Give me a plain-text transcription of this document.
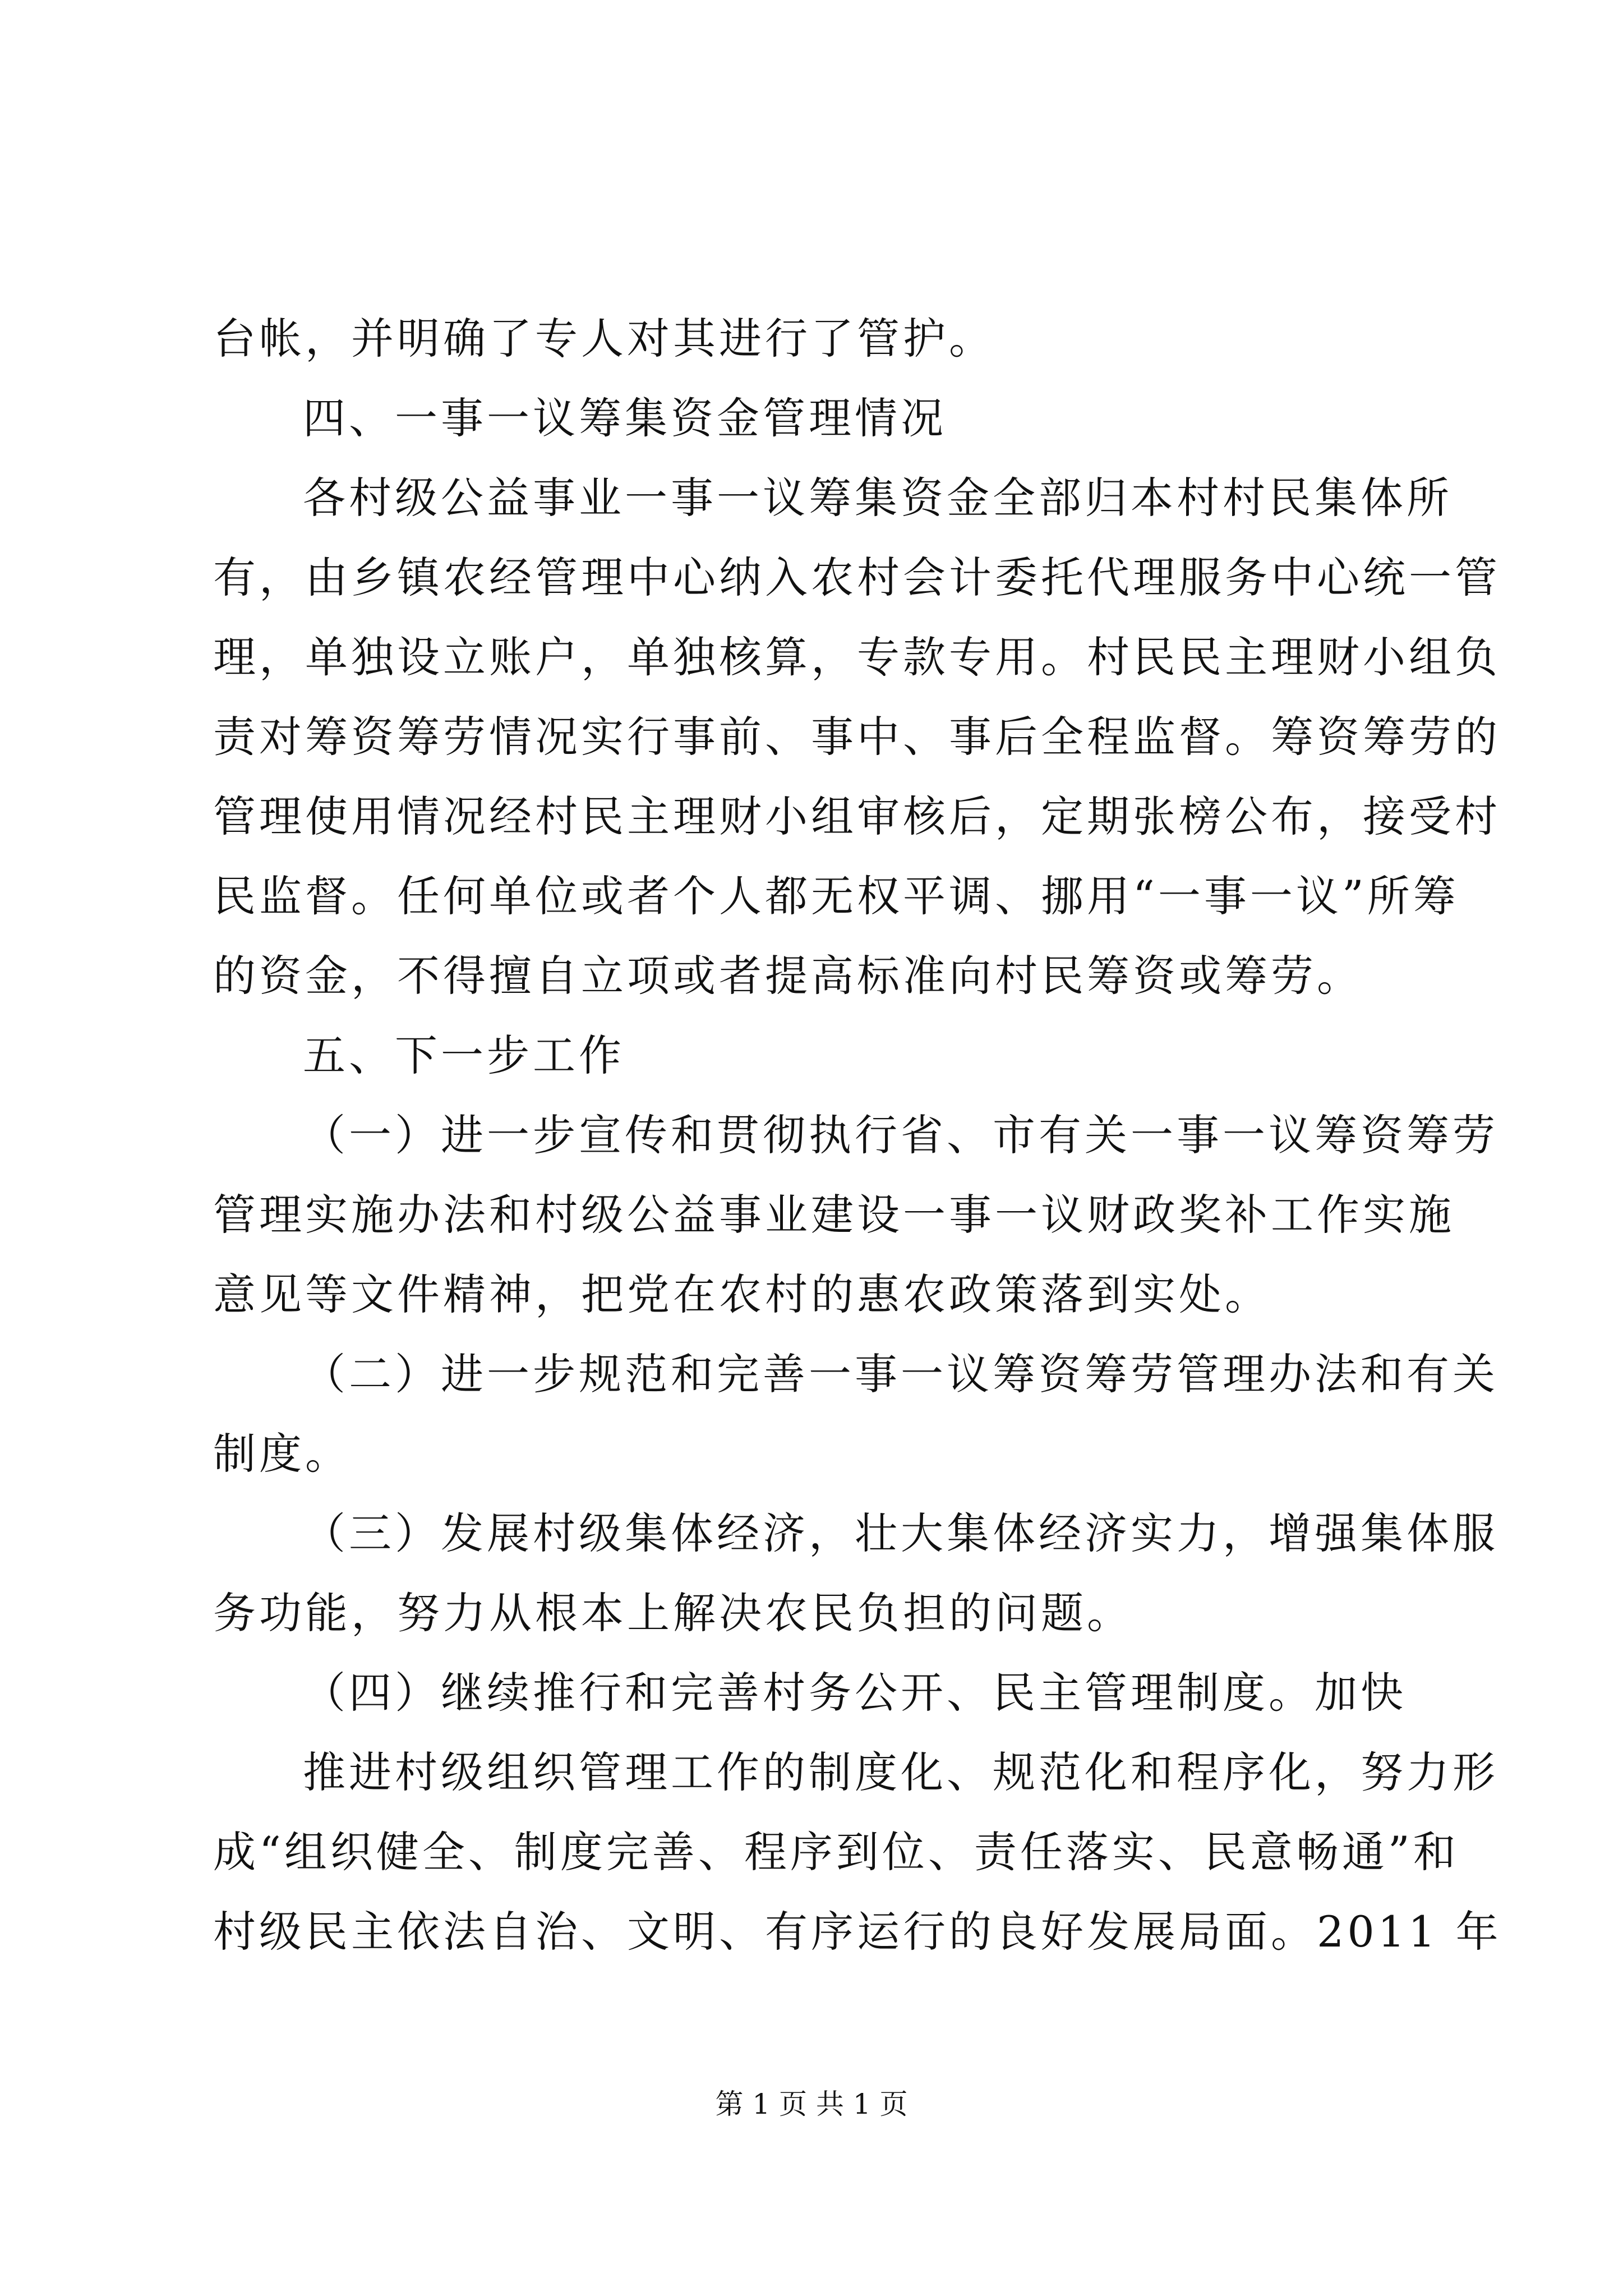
台帐，并明确了专人对其进行了管护。
四、一事一议筹集资金管理情况
各村级公益事业一事一议筹集资金全部归本村村民集体所
有，由乡镇农经管理中心纳入农村会计委托代理服务中心统一管
理，单独设立账户，单独核算，专款专用。村民民主理财小组负
责对筹资筹劳情况实行事前、事中、事后全程监督。筹资筹劳的
管理使用情况经村民主理财小组审核后，定期张榜公布，接受村
民监督。任何单位或者个人都无权平调、挪用“一事一议”所筹
的资金，不得擅自立项或者提高标准向村民筹资或筹劳。
五、下一步工作
（一）进一步宣传和贯彻执行省、市有关一事一议筹资筹劳
管理实施办法和村级公益事业建设一事一议财政奖补工作实施
意见等文件精神，把党在农村的惠农政策落到实处。
（二）进一步规范和完善一事一议筹资筹劳管理办法和有关
制度。
（三）发展村级集体经济，壮大集体经济实力，增强集体服
务功能，努力从根本上解决农民负担的问题。
（四）继续推行和完善村务公开、民主管理制度。加快
推进村级组织管理工作的制度化、规范化和程序化，努力形
成“组织健全、制度完善、程序到位、责任落实、民意畅通”和
村级民主依法自治、文明、有序运行的良好发展局面。2011 年
第 1 页 共 1 页
